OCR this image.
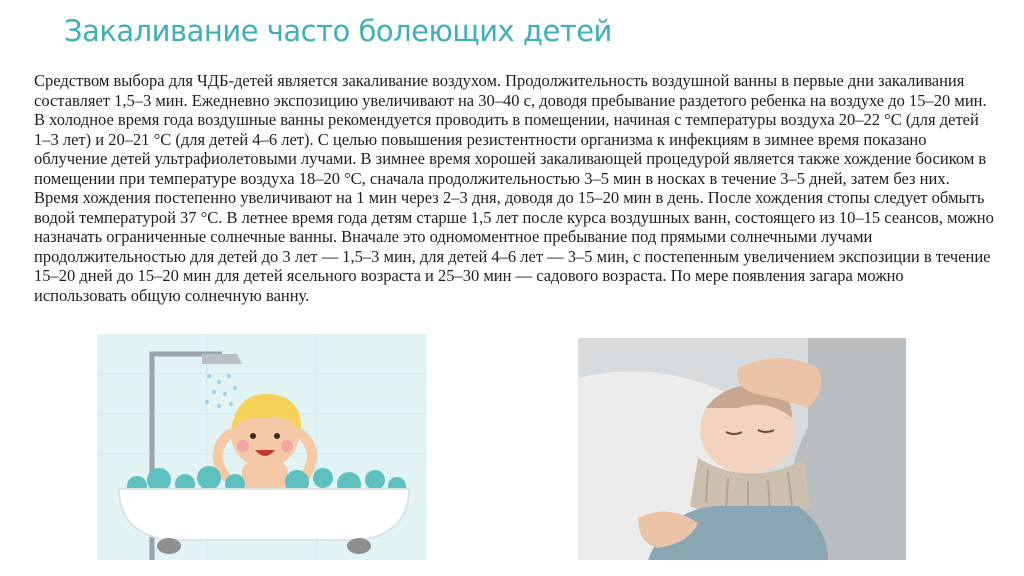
Закаливание часто болеющих детей

Средством выбора для ЧДБ-детей является закаливание воздухом. Продолжительность воздушной ванны в первые дни закаливания составляет 1,5–3 мин. Ежедневно экспозицию увеличивают на 30–40 с, доводя пребывание раздетого ребенка на воздухе до 15–20 мин. В холодное время года воздушные ванны рекомендуется проводить в помещении, начиная с температуры воздуха 20–22 °С (для детей 1–3 лет) и 20–21 °С (для детей 4–6 лет). С целью повышения резистентности организма к инфекциям в зимнее время показано облучение детей ультрафиолетовыми лучами. В зимнее время хорошей закаливающей процедурой является также хождение босиком в помещении при температуре воздуха 18–20 °С, сначала продолжительностью 3–5 мин в носках в течение 3–5 дней, затем без них. Время хождения постепенно увеличивают на 1 мин через 2–3 дня, доводя до 15–20 мин в день. После хождения стопы следует обмыть водой температурой 37 °С. В летнее время года детям старше 1,5 лет после курса воздушных ванн, состоящего из 10–15 сеансов, можно назначать ограниченные солнечные ванны. Вначале это одномоментное пребывание под прямыми солнечными лучами продолжительностью для детей до 3 лет — 1,5–3 мин, для детей 4–6 лет — 3–5 мин, с постепенным увеличением экспозиции в течение 15–20 дней до 15–20 мин для детей ясельного возраста и 25–30 мин — садового возраста. По мере появления загара можно использовать общую солнечную ванну.
